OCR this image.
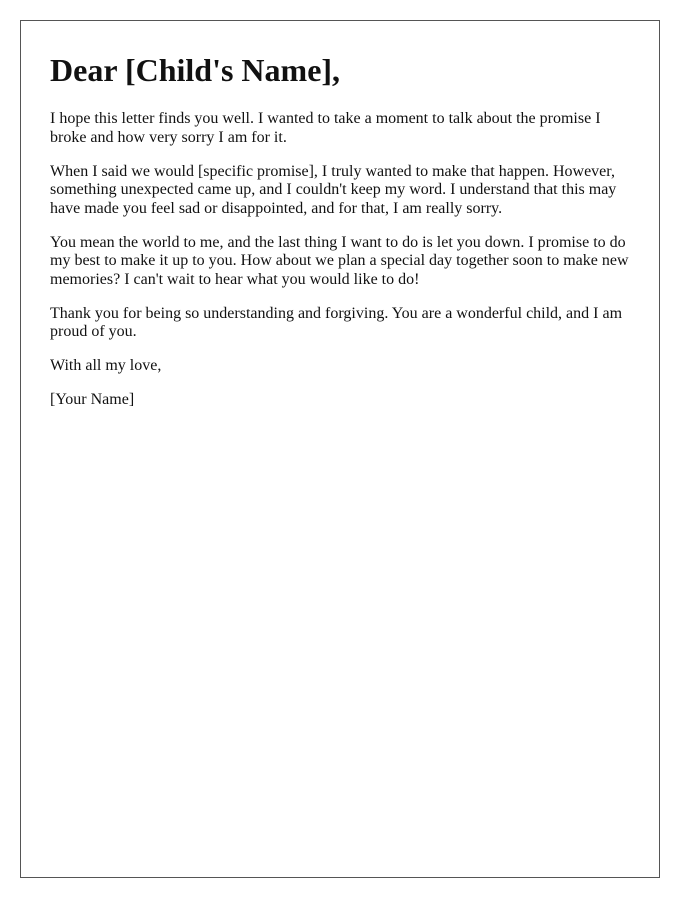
Dear [Child's Name],

I hope this letter finds you well. I wanted to take a moment to talk about the promise I broke and how very sorry I am for it.

When I said we would [specific promise], I truly wanted to make that happen. However, something unexpected came up, and I couldn't keep my word. I understand that this may have made you feel sad or disappointed, and for that, I am really sorry.

You mean the world to me, and the last thing I want to do is let you down. I promise to do my best to make it up to you. How about we plan a special day together soon to make new memories? I can't wait to hear what you would like to do!

Thank you for being so understanding and forgiving. You are a wonderful child, and I am proud of you.

With all my love,

[Your Name]
